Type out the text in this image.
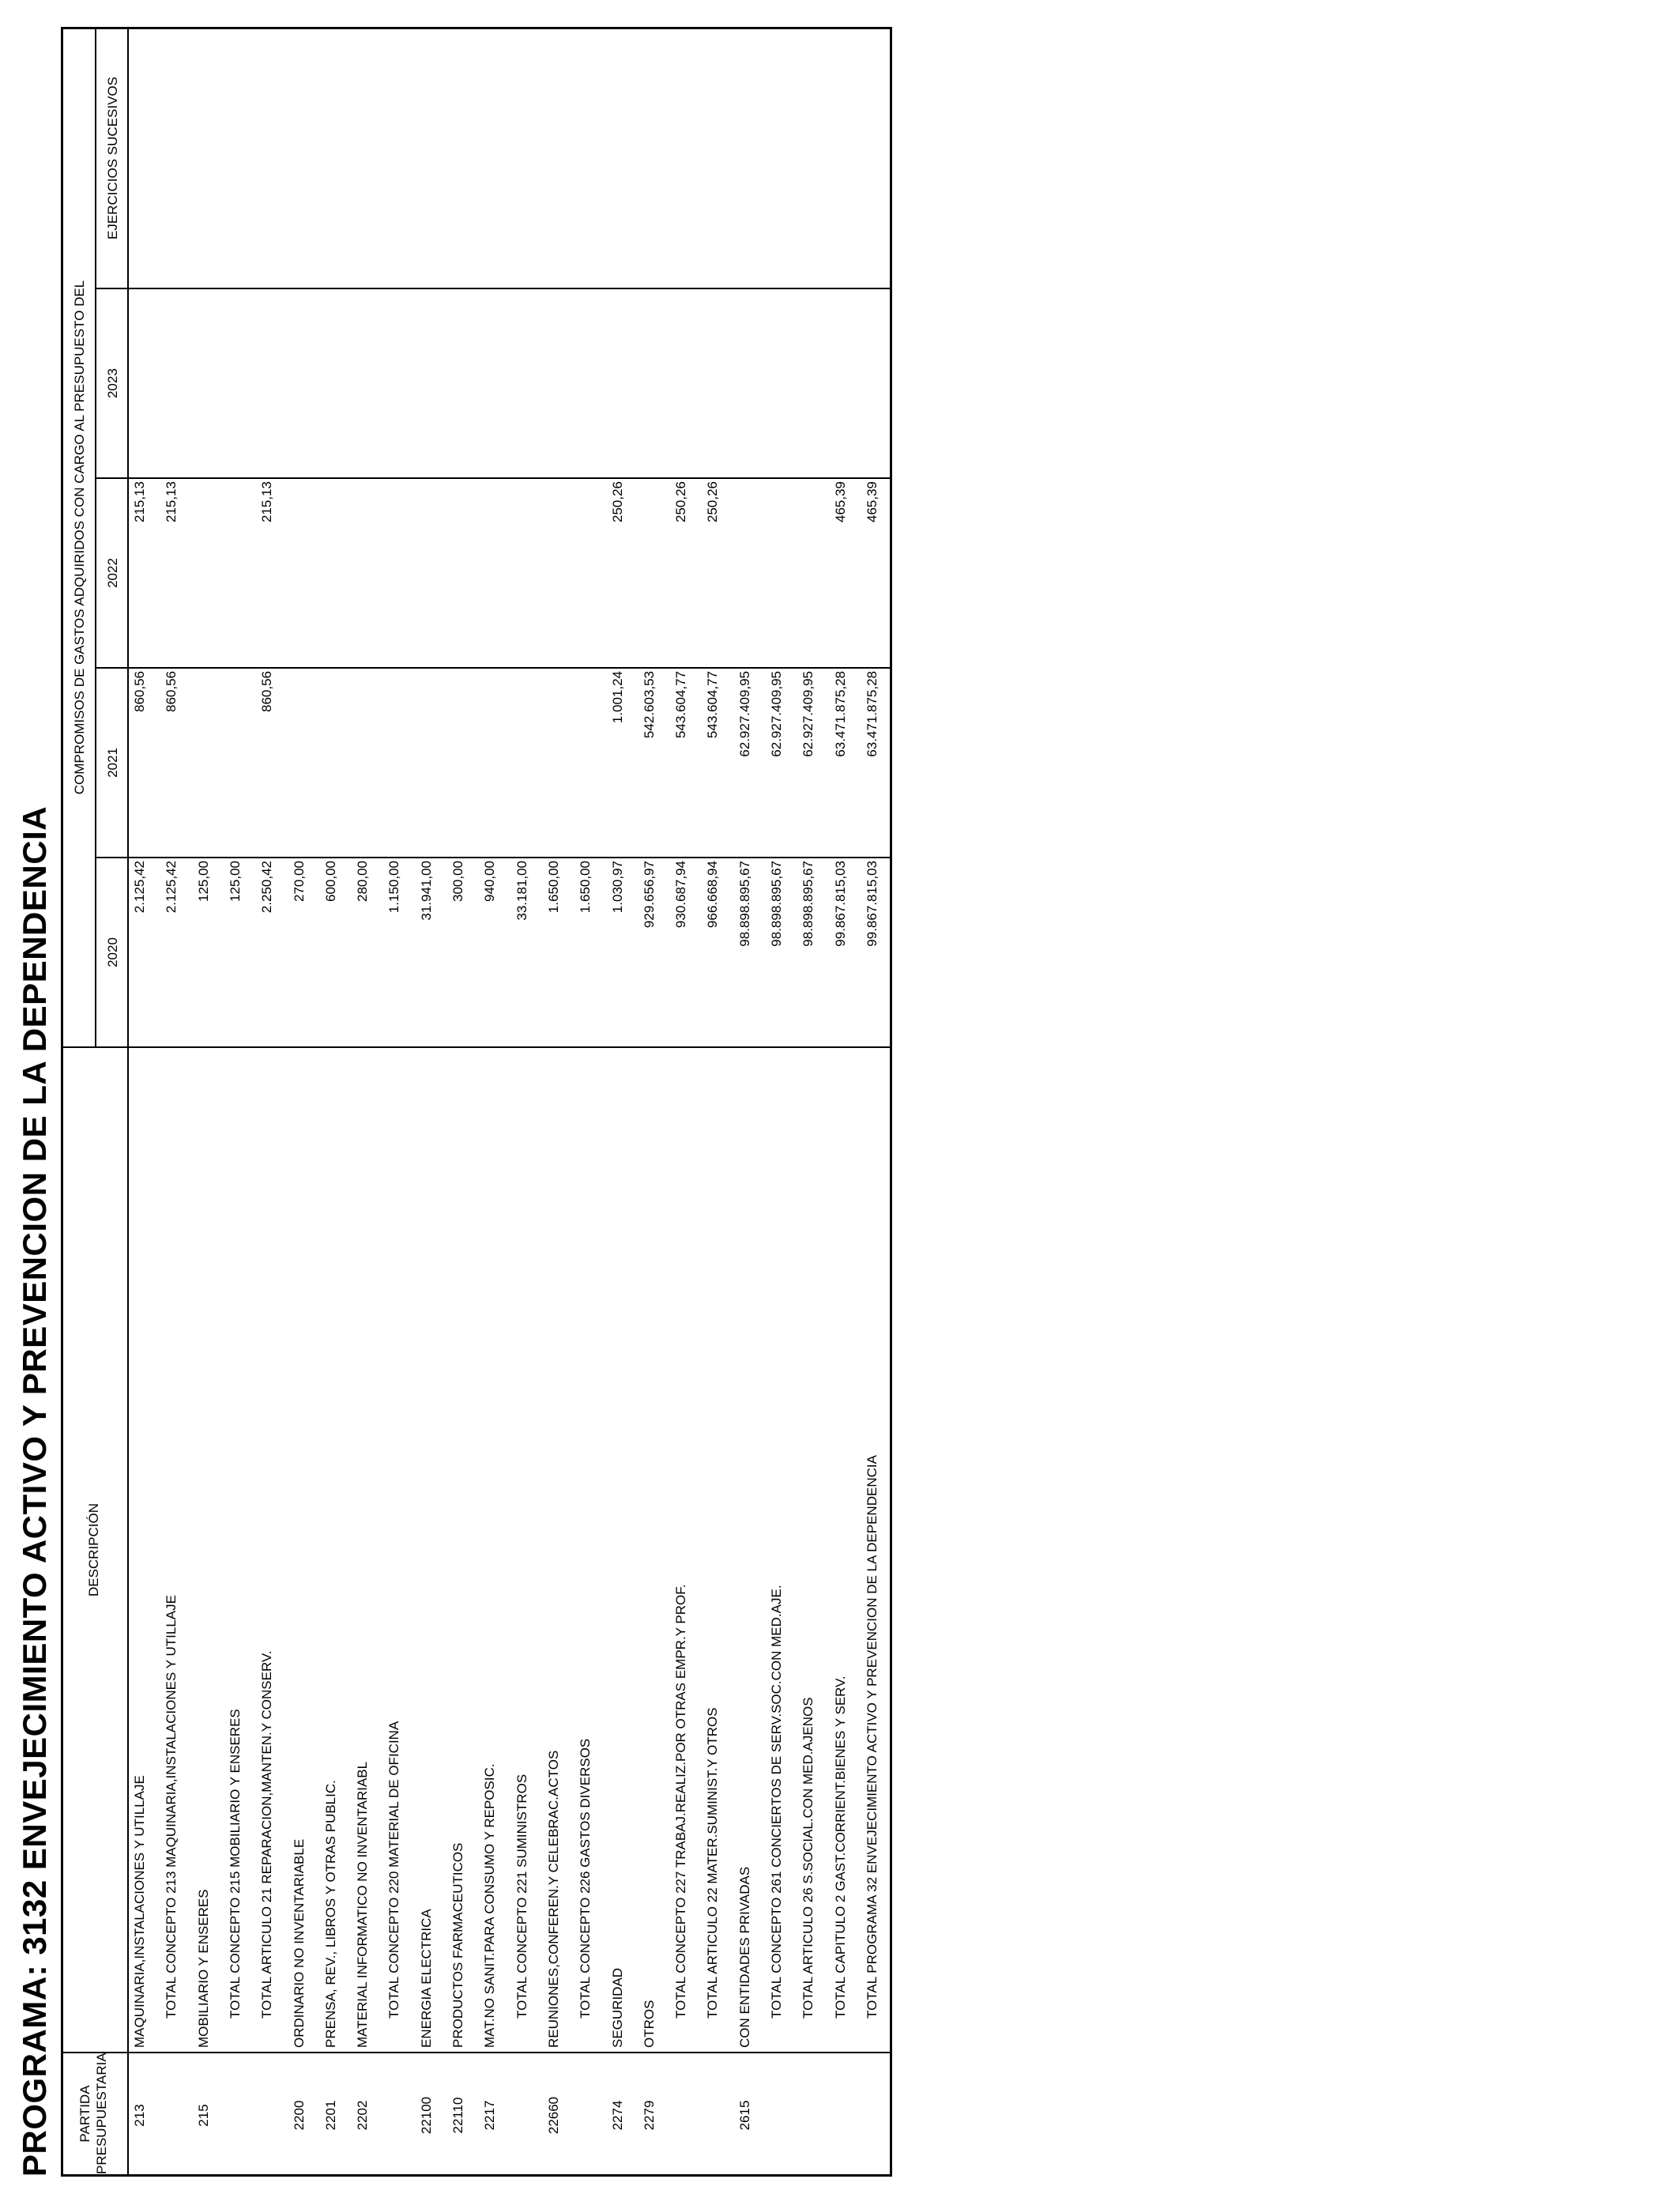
PROGRAMA: 3132 ENVEJECIMIENTO ACTIVO Y PREVENCION DE LA DEPENDENCIA PARTIDA PRESUPUESTARIA
DESCRIPCIÓN
COMPROMISOS DE GASTOS ADQUIRIDOS CON CARGO AL PRESUPUESTO DEL
2020
2021
2022
2023
EJERCICIOS SUCESIVOS
213
MAQUINARIA,INSTALACIONES Y UTILLAJE
2.125,42
860,56
215,13
TOTAL CONCEPTO 213 MAQUINARIA,INSTALACIONES Y UTILLAJE
2.125,42
860,56
215,13
215
MOBILIARIO Y ENSERES
125,00
TOTAL CONCEPTO 215 MOBILIARIO Y ENSERES
125,00
TOTAL ARTICULO 21 REPARACION,MANTEN.Y CONSERV.
2.250,42
860,56
215,13
2200
ORDINARIO NO INVENTARIABLE
270,00
2201
PRENSA, REV., LIBROS Y OTRAS PUBLIC.
600,00
2202
MATERIAL INFORMATICO NO INVENTARIABL
280,00
TOTAL CONCEPTO 220 MATERIAL DE OFICINA
1.150,00
22100
ENERGIA ELECTRICA
31.941,00
22110
PRODUCTOS FARMACEUTICOS
300,00
2217
MAT.NO SANIT.PARA CONSUMO Y REPOSIC.
940,00
TOTAL CONCEPTO 221 SUMINISTROS
33.181,00
22660
REUNIONES,CONFEREN.Y CELEBRAC.ACTOS
1.650,00
TOTAL CONCEPTO 226 GASTOS DIVERSOS
1.650,00
2274
SEGURIDAD
1.030,97
1.001,24
250,26
2279
OTROS
929.656,97
542.603,53
TOTAL CONCEPTO 227 TRABAJ.REALIZ.POR OTRAS EMPR.Y PROF.
930.687,94
543.604,77
250,26
TOTAL ARTICULO 22 MATER.SUMINIST.Y OTROS
966.668,94
543.604,77
250,26
2615
CON ENTIDADES PRIVADAS
98.898.895,67
62.927.409,95
TOTAL CONCEPTO 261 CONCIERTOS DE SERV.SOC.CON MED.AJE.
98.898.895,67
62.927.409,95
TOTAL ARTICULO 26 S.SOCIAL.CON MED.AJENOS
98.898.895,67
62.927.409,95
TOTAL CAPITULO 2 GAST.CORRIENT.BIENES Y SERV.
99.867.815,03
63.471.875,28
465,39
TOTAL PROGRAMA 32 ENVEJECIMIENTO ACTIVO Y PREVENCION DE LA DEPENDENCIA
99.867.815,03
63.471.875,28
465,39
